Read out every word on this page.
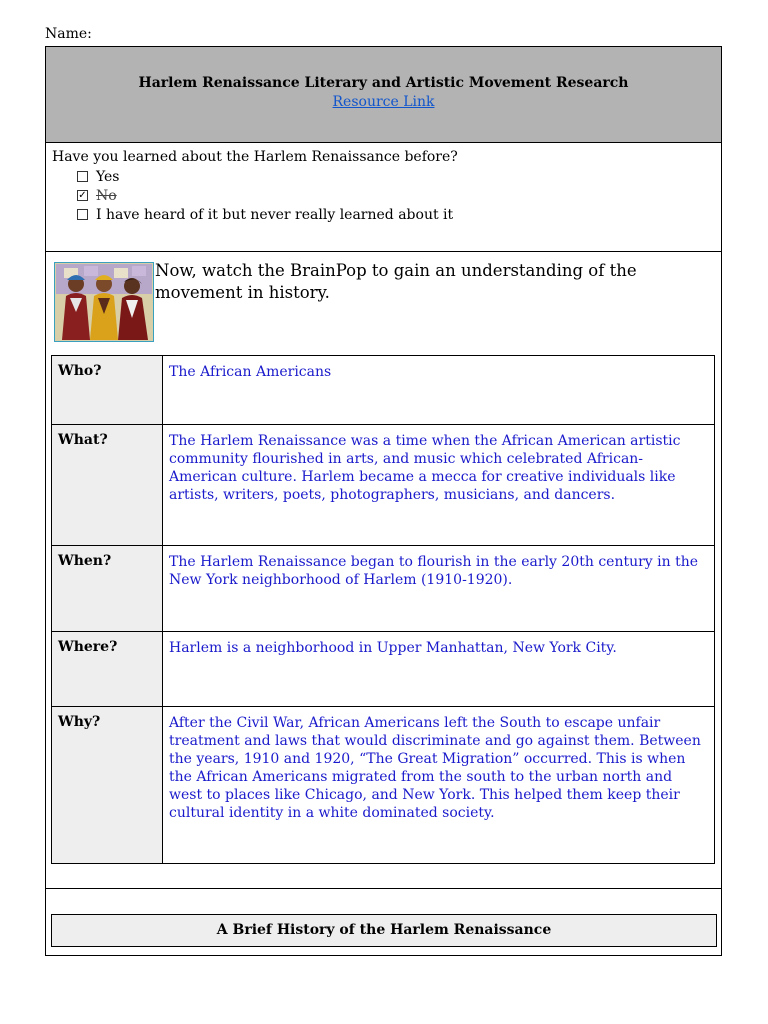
Name:
Harlem Renaissance Literary and Artistic Movement Research
Resource Link
Have you learned about the Harlem Renaissance before?
Yes
✓ No
I have heard of it but never really learned about it
Now, watch the BrainPop to gain an understanding of the movement in history.
Who?	The African Americans
What?	The Harlem Renaissance was a time when the African American artistic community flourished in arts, and music which celebrated African-American culture. Harlem became a mecca for creative individuals like artists, writers, poets, photographers, musicians, and dancers.
When?	The Harlem Renaissance began to flourish in the early 20th century in the New York neighborhood of Harlem (1910-1920).
Where?	Harlem is a neighborhood in Upper Manhattan, New York City.
Why?	After the Civil War, African Americans left the South to escape unfair treatment and laws that would discriminate and go against them. Between the years, 1910 and 1920, “The Great Migration” occurred. This is when the African Americans migrated from the south to the urban north and west to places like Chicago, and New York. This helped them keep their cultural identity in a white dominated society.
A Brief History of the Harlem Renaissance
